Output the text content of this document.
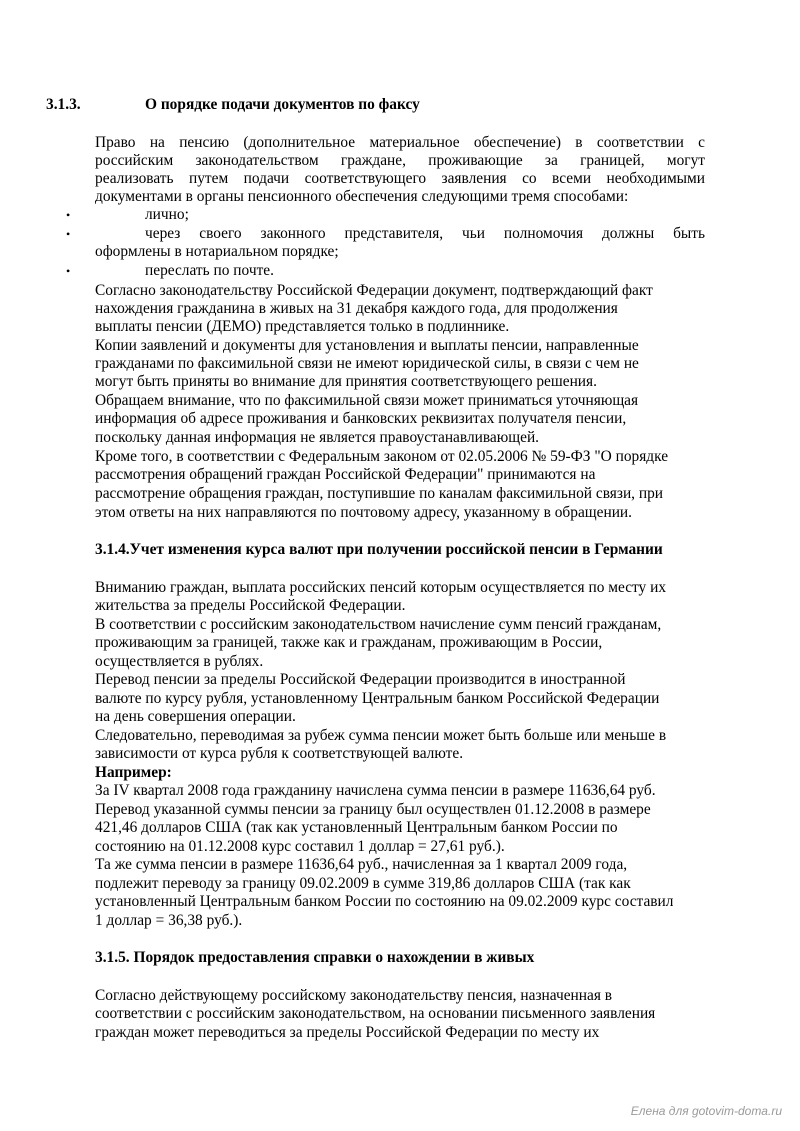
3.1.3.	О порядке подачи документов по факсу
Право на пенсию (дополнительное материальное обеспечение) в соответствии с
российским законодательством граждане, проживающие за границей, могут
реализовать путем подачи соответствующего заявления со всеми необходимыми
документами в органы пенсионного обеспечения следующими тремя способами:
•	лично;
•	через своего законного представителя, чьи полномочия должны быть
оформлены в нотариальном порядке;
•	переслать по почте.
Согласно законодательству Российской Федерации документ, подтверждающий факт
нахождения гражданина в живых на 31 декабря каждого года, для продолжения
выплаты пенсии (ДЕМО) представляется только в подлиннике.
Копии заявлений и документы для установления и выплаты пенсии, направленные
гражданами по факсимильной связи не имеют юридической силы, в связи с чем не
могут быть приняты во внимание для принятия соответствующего решения.
Обращаем внимание, что по факсимильной связи может приниматься уточняющая
информация об адресе проживания и банковских реквизитах получателя пенсии,
поскольку данная информация не является правоустанавливающей.
Кроме того, в соответствии с Федеральным законом от 02.05.2006 № 59-ФЗ "О порядке
рассмотрения обращений граждан Российской Федерации" принимаются на
рассмотрение обращения граждан, поступившие по каналам факсимильной связи, при
этом ответы на них направляются по почтовому адресу, указанному в обращении.
3.1.4.Учет изменения курса валют при получении российской пенсии в Германии
Вниманию граждан, выплата российских пенсий которым осуществляется по месту их
жительства за пределы Российской Федерации.
В соответствии с российским законодательством начисление сумм пенсий гражданам,
проживающим за границей, также как и гражданам, проживающим в России,
осуществляется в рублях.
Перевод пенсии за пределы Российской Федерации производится в иностранной
валюте по курсу рубля, установленному Центральным банком Российской Федерации
на день совершения операции.
Следовательно, переводимая за рубеж сумма пенсии может быть больше или меньше в
зависимости от курса рубля к соответствующей валюте.
Например:
За IV квартал 2008 года гражданину начислена сумма пенсии в размере 11636,64 руб.
Перевод указанной суммы пенсии за границу был осуществлен 01.12.2008 в размере
421,46 долларов США (так как установленный Центральным банком России по
состоянию на 01.12.2008 курс составил 1 доллар = 27,61 руб.).
Та же сумма пенсии в размере 11636,64 руб., начисленная за 1 квартал 2009 года,
подлежит переводу за границу 09.02.2009 в сумме 319,86 долларов США (так как
установленный Центральным банком России по состоянию на 09.02.2009 курс составил
1 доллар = 36,38 руб.).
3.1.5. Порядок предоставления справки о нахождении в живых
Согласно действующему российскому законодательству пенсия, назначенная в
соответствии с российским законодательством, на основании письменного заявления
граждан может переводиться за пределы Российской Федерации по месту их
Елена для gotovim-doma.ru
